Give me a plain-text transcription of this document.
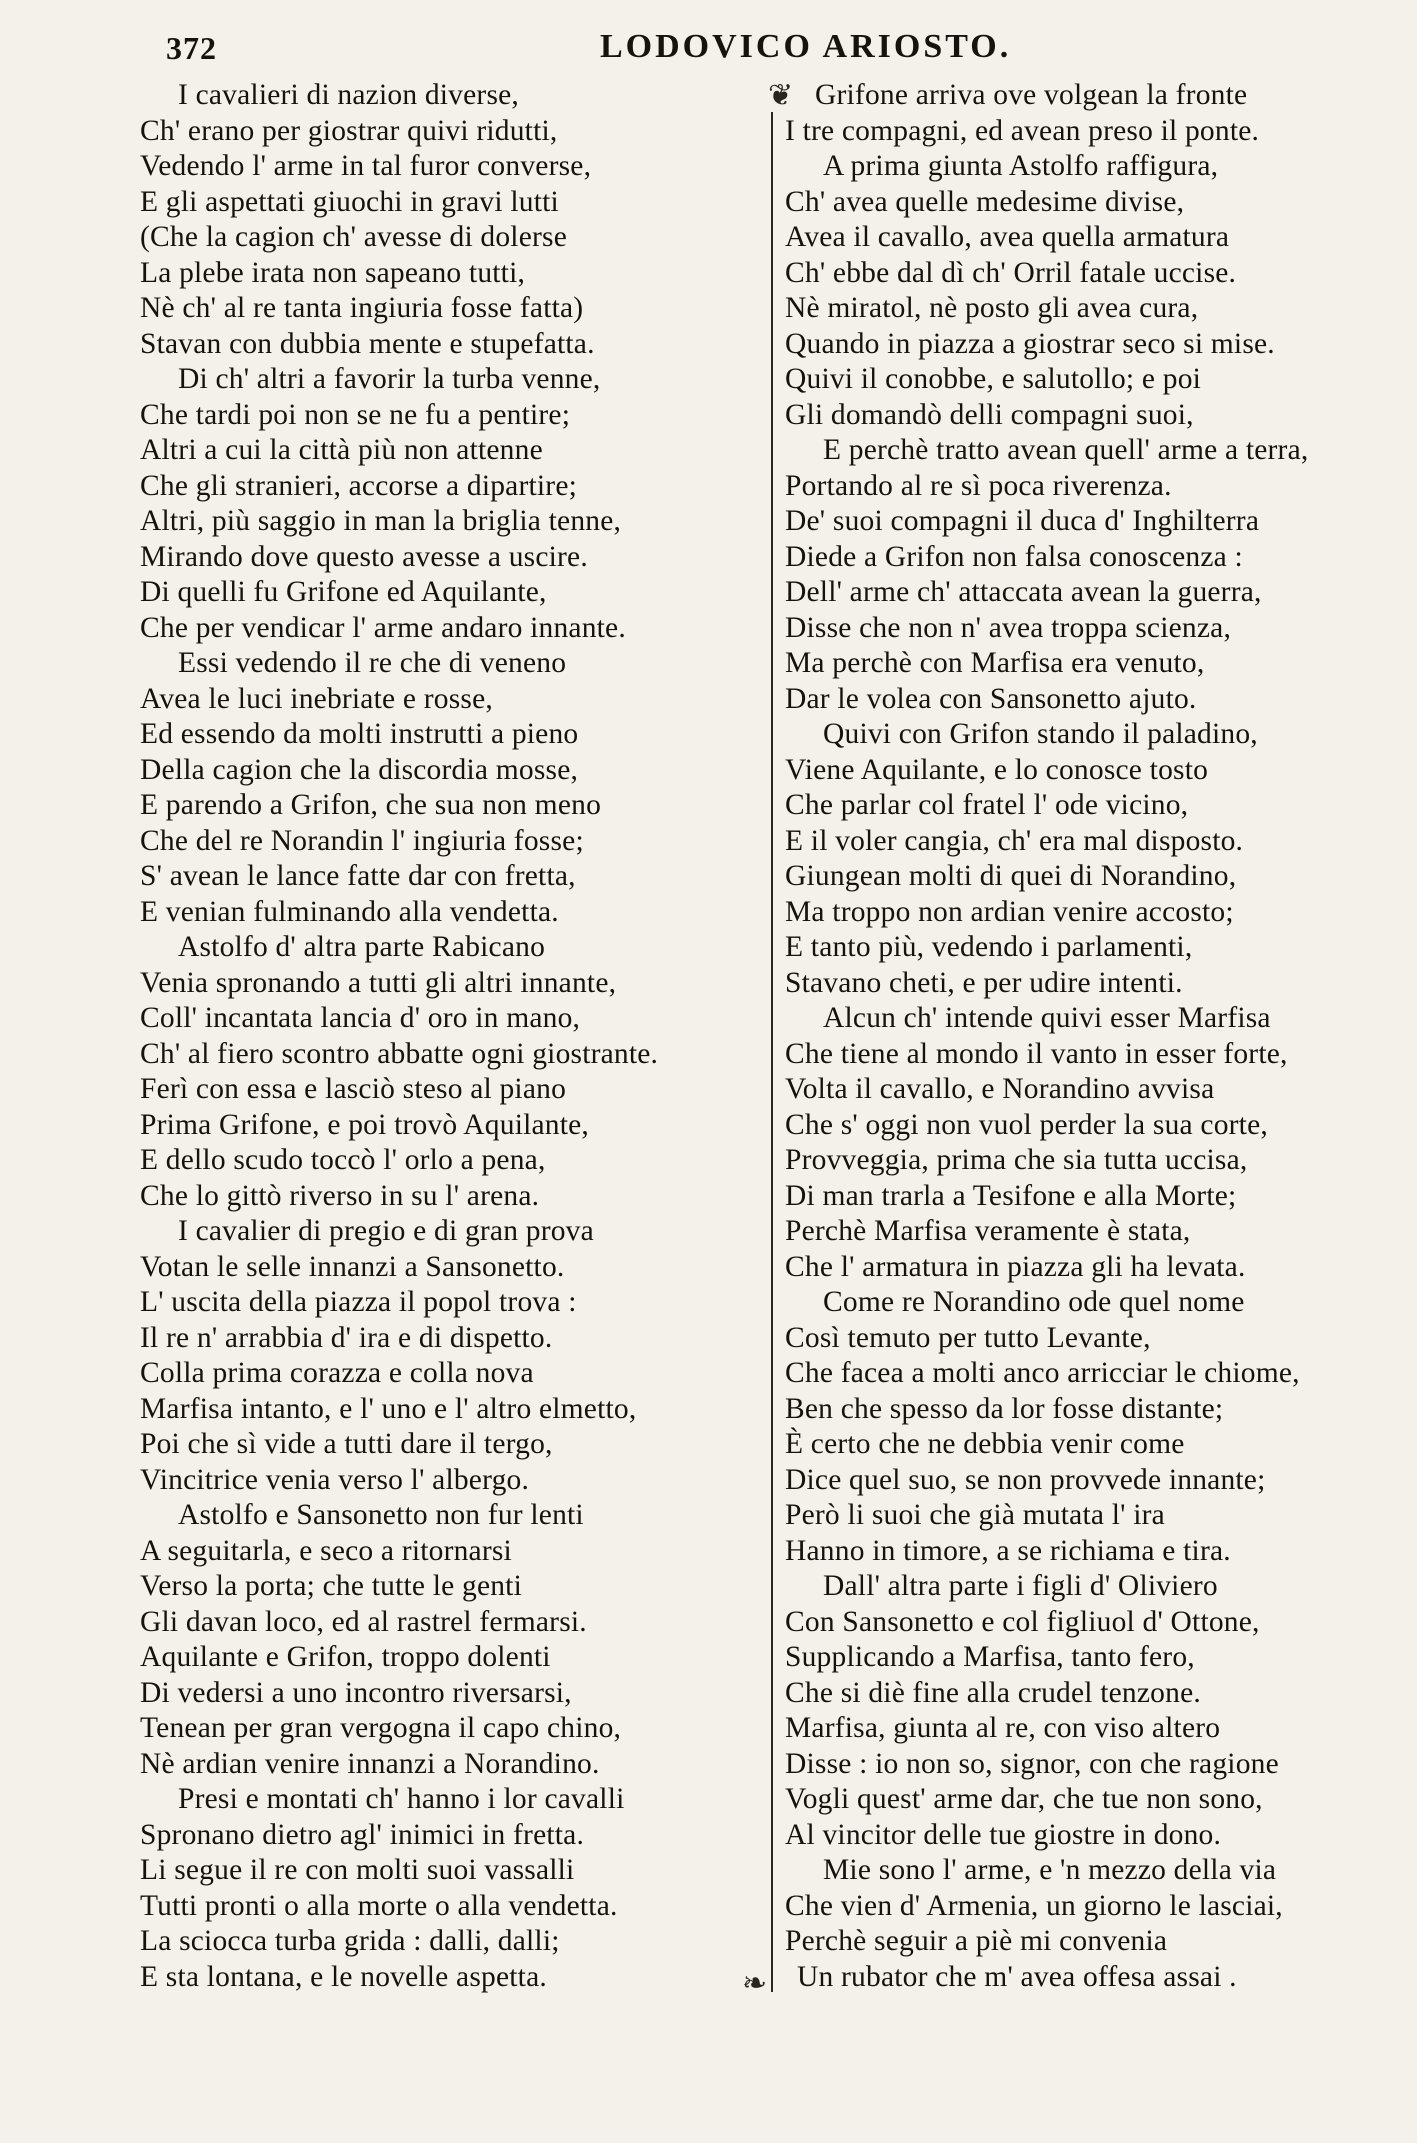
372	LODOVICO ARIOSTO.
❦
❧
I cavalieri di nazion diverse,
Ch' erano per giostrar quivi ridutti,
Vedendo l' arme in tal furor converse,
E gli aspettati giuochi in gravi lutti
(Che la cagion ch' avesse di dolerse
La plebe irata non sapeano tutti,
Nè ch' al re tanta ingiuria fosse fatta)
Stavan con dubbia mente e stupefatta.
Di ch' altri a favorir la turba venne,
Che tardi poi non se ne fu a pentire;
Altri a cui la città più non attenne
Che gli stranieri, accorse a dipartire;
Altri, più saggio in man la briglia tenne,
Mirando dove questo avesse a uscire.
Di quelli fu Grifone ed Aquilante,
Che per vendicar l' arme andaro innante.
Essi vedendo il re che di veneno
Avea le luci inebriate e rosse,
Ed essendo da molti instrutti a pieno
Della cagion che la discordia mosse,
E parendo a Grifon, che sua non meno
Che del re Norandin l' ingiuria fosse;
S' avean le lance fatte dar con fretta,
E venian fulminando alla vendetta.
Astolfo d' altra parte Rabicano
Venia spronando a tutti gli altri innante,
Coll' incantata lancia d' oro in mano,
Ch' al fiero scontro abbatte ogni giostrante.
Ferì con essa e lasciò steso al piano
Prima Grifone, e poi trovò Aquilante,
E dello scudo toccò l' orlo a pena,
Che lo gittò riverso in su l' arena.
I cavalier di pregio e di gran prova
Votan le selle innanzi a Sansonetto.
L' uscita della piazza il popol trova :
Il re n' arrabbia d' ira e di dispetto.
Colla prima corazza e colla nova
Marfisa intanto, e l' uno e l' altro elmetto,
Poi che sì vide a tutti dare il tergo,
Vincitrice venia verso l' albergo.
Astolfo e Sansonetto non fur lenti
A seguitarla, e seco a ritornarsi
Verso la porta; che tutte le genti
Gli davan loco, ed al rastrel fermarsi.
Aquilante e Grifon, troppo dolenti
Di vedersi a uno incontro riversarsi,
Tenean per gran vergogna il capo chino,
Nè ardian venire innanzi a Norandino.
Presi e montati ch' hanno i lor cavalli
Spronano dietro agl' inimici in fretta.
Li segue il re con molti suoi vassalli
Tutti pronti o alla morte o alla vendetta.
La sciocca turba grida : dalli, dalli;
E sta lontana, e le novelle aspetta.
Grifone arriva ove volgean la fronte
I tre compagni, ed avean preso il ponte.
A prima giunta Astolfo raffigura,
Ch' avea quelle medesime divise,
Avea il cavallo, avea quella armatura
Ch' ebbe dal dì ch' Orril fatale uccise.
Nè miratol, nè posto gli avea cura,
Quando in piazza a giostrar seco si mise.
Quivi il conobbe, e salutollo; e poi
Gli domandò delli compagni suoi,
E perchè tratto avean quell' arme a terra,
Portando al re sì poca riverenza.
De' suoi compagni il duca d' Inghilterra
Diede a Grifon non falsa conoscenza :
Dell' arme ch' attaccata avean la guerra,
Disse che non n' avea troppa scienza,
Ma perchè con Marfisa era venuto,
Dar le volea con Sansonetto ajuto.
Quivi con Grifon stando il paladino,
Viene Aquilante, e lo conosce tosto
Che parlar col fratel l' ode vicino,
E il voler cangia, ch' era mal disposto.
Giungean molti di quei di Norandino,
Ma troppo non ardian venire accosto;
E tanto più, vedendo i parlamenti,
Stavano cheti, e per udire intenti.
Alcun ch' intende quivi esser Marfisa
Che tiene al mondo il vanto in esser forte,
Volta il cavallo, e Norandino avvisa
Che s' oggi non vuol perder la sua corte,
Provveggia, prima che sia tutta uccisa,
Di man trarla a Tesifone e alla Morte;
Perchè Marfisa veramente è stata,
Che l' armatura in piazza gli ha levata.
Come re Norandino ode quel nome
Così temuto per tutto Levante,
Che facea a molti anco arricciar le chiome,
Ben che spesso da lor fosse distante;
È certo che ne debbia venir come
Dice quel suo, se non provvede innante;
Però li suoi che già mutata l' ira
Hanno in timore, a se richiama e tira.
Dall' altra parte i figli d' Oliviero
Con Sansonetto e col figliuol d' Ottone,
Supplicando a Marfisa, tanto fero,
Che si diè fine alla crudel tenzone.
Marfisa, giunta al re, con viso altero
Disse : io non so, signor, con che ragione
Vogli quest' arme dar, che tue non sono,
Al vincitor delle tue giostre in dono.
Mie sono l' arme, e 'n mezzo della via
Che vien d' Armenia, un giorno le lasciai,
Perchè seguir a piè mi convenia
Un rubator che m' avea offesa assai .
